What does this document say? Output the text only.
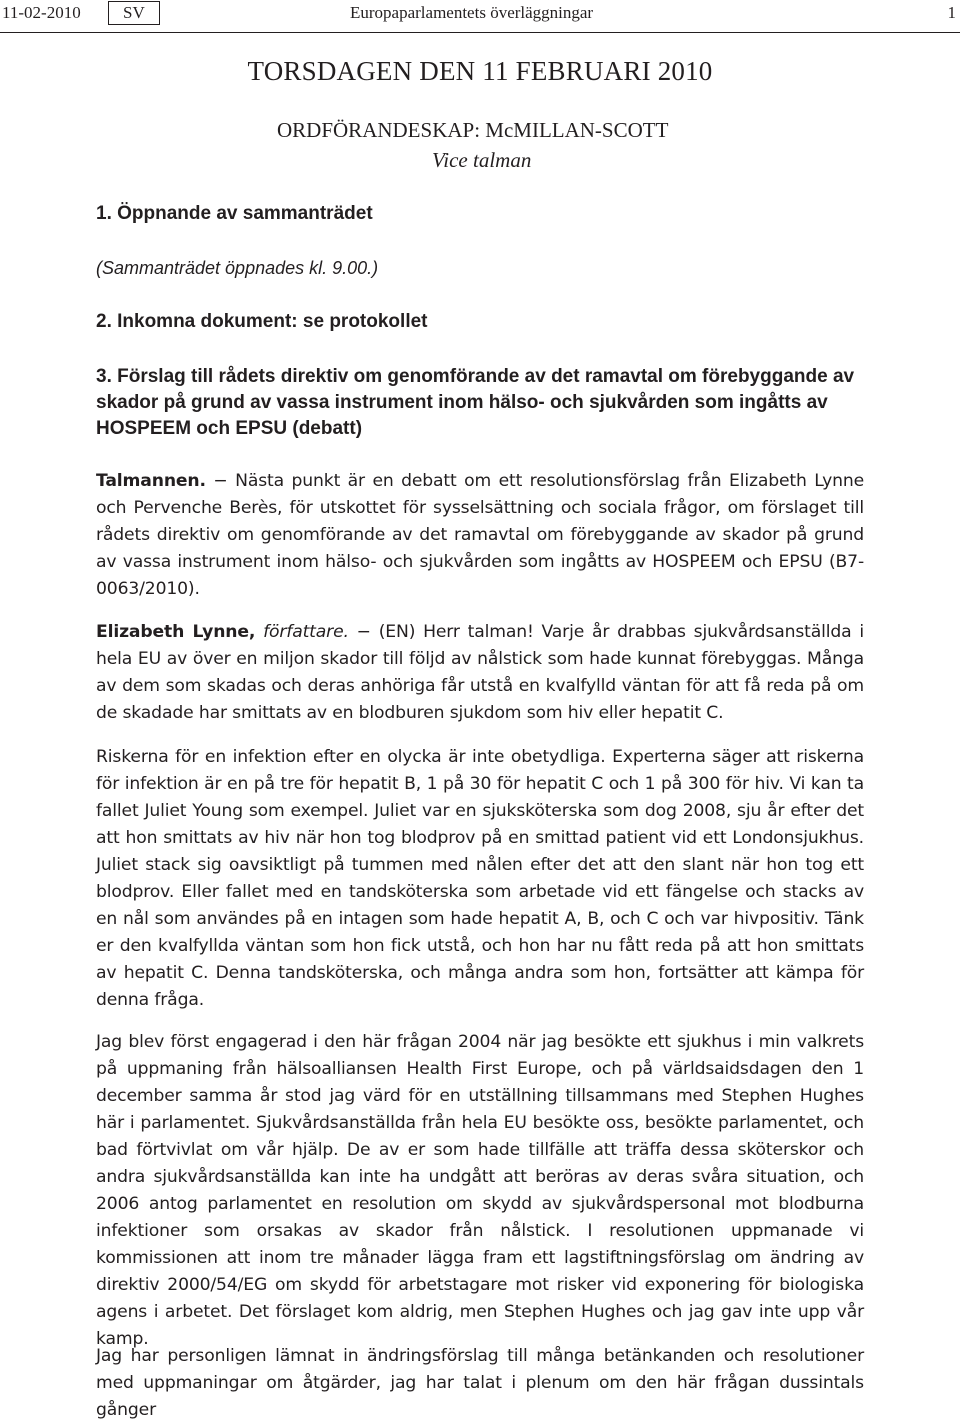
11-02-2010	SV	Europaparlamentets överläggningar	1
TORSDAGEN DEN 11 FEBRUARI 2010
ORDFÖRANDESKAP: McMILLAN-SCOTT
Vice talman
1. Öppnande av sammanträdet
(Sammanträdet öppnades kl. 9.00.)
2. Inkomna dokument: se protokollet
3. Förslag till rådets direktiv om genomförande av det ramavtal om förebyggande av skador på grund av vassa instrument inom hälso- och sjukvården som ingåtts av HOSPEEM och EPSU (debatt)
Talmannen. − Nästa punkt är en debatt om ett resolutionsförslag från Elizabeth Lynne och Pervenche Berès, för utskottet för sysselsättning och sociala frågor, om förslaget till rådets direktiv om genomförande av det ramavtal om förebyggande av skador på grund av vassa instrument inom hälso- och sjukvården som ingåtts av HOSPEEM och EPSU (B7-0063/2010).
Elizabeth Lynne, författare. − (EN) Herr talman! Varje år drabbas sjukvårdsanställda i hela EU av över en miljon skador till följd av nålstick som hade kunnat förebyggas. Många av dem som skadas och deras anhöriga får utstå en kvalfylld väntan för att få reda på om de skadade har smittats av en blodburen sjukdom som hiv eller hepatit C.
Riskerna för en infektion efter en olycka är inte obetydliga. Experterna säger att riskerna för infektion är en på tre för hepatit B, 1 på 30 för hepatit C och 1 på 300 för hiv. Vi kan ta fallet Juliet Young som exempel. Juliet var en sjuksköterska som dog 2008, sju år efter det att hon smittats av hiv när hon tog blodprov på en smittad patient vid ett Londonsjukhus. Juliet stack sig oavsiktligt på tummen med nålen efter det att den slant när hon tog ett blodprov. Eller fallet med en tandsköterska som arbetade vid ett fängelse och stacks av en nål som användes på en intagen som hade hepatit A, B, och C och var hivpositiv. Tänk er den kvalfyllda väntan som hon fick utstå, och hon har nu fått reda på att hon smittats av hepatit C. Denna tandsköterska, och många andra som hon, fortsätter att kämpa för denna fråga.
Jag blev först engagerad i den här frågan 2004 när jag besökte ett sjukhus i min valkrets på uppmaning från hälsoalliansen Health First Europe, och på världsaidsdagen den 1 december samma år stod jag värd för en utställning tillsammans med Stephen Hughes här i parlamentet. Sjukvårdsanställda från hela EU besökte oss, besökte parlamentet, och bad förtvivlat om vår hjälp. De av er som hade tillfälle att träffa dessa sköterskor och andra sjukvårdsanställda kan inte ha undgått att beröras av deras svåra situation, och 2006 antog parlamentet en resolution om skydd av sjukvårdspersonal mot blodburna infektioner som orsakas av skador från nålstick. I resolutionen uppmanade vi kommissionen att inom tre månader lägga fram ett lagstiftningsförslag om ändring av direktiv 2000/54/EG om skydd för arbetstagare mot risker vid exponering för biologiska agens i arbetet. Det förslaget kom aldrig, men Stephen Hughes och jag gav inte upp vår kamp.
Jag har personligen lämnat in ändringsförslag till många betänkanden och resolutioner med uppmaningar om åtgärder, jag har talat i plenum om den här frågan dussintals gånger
